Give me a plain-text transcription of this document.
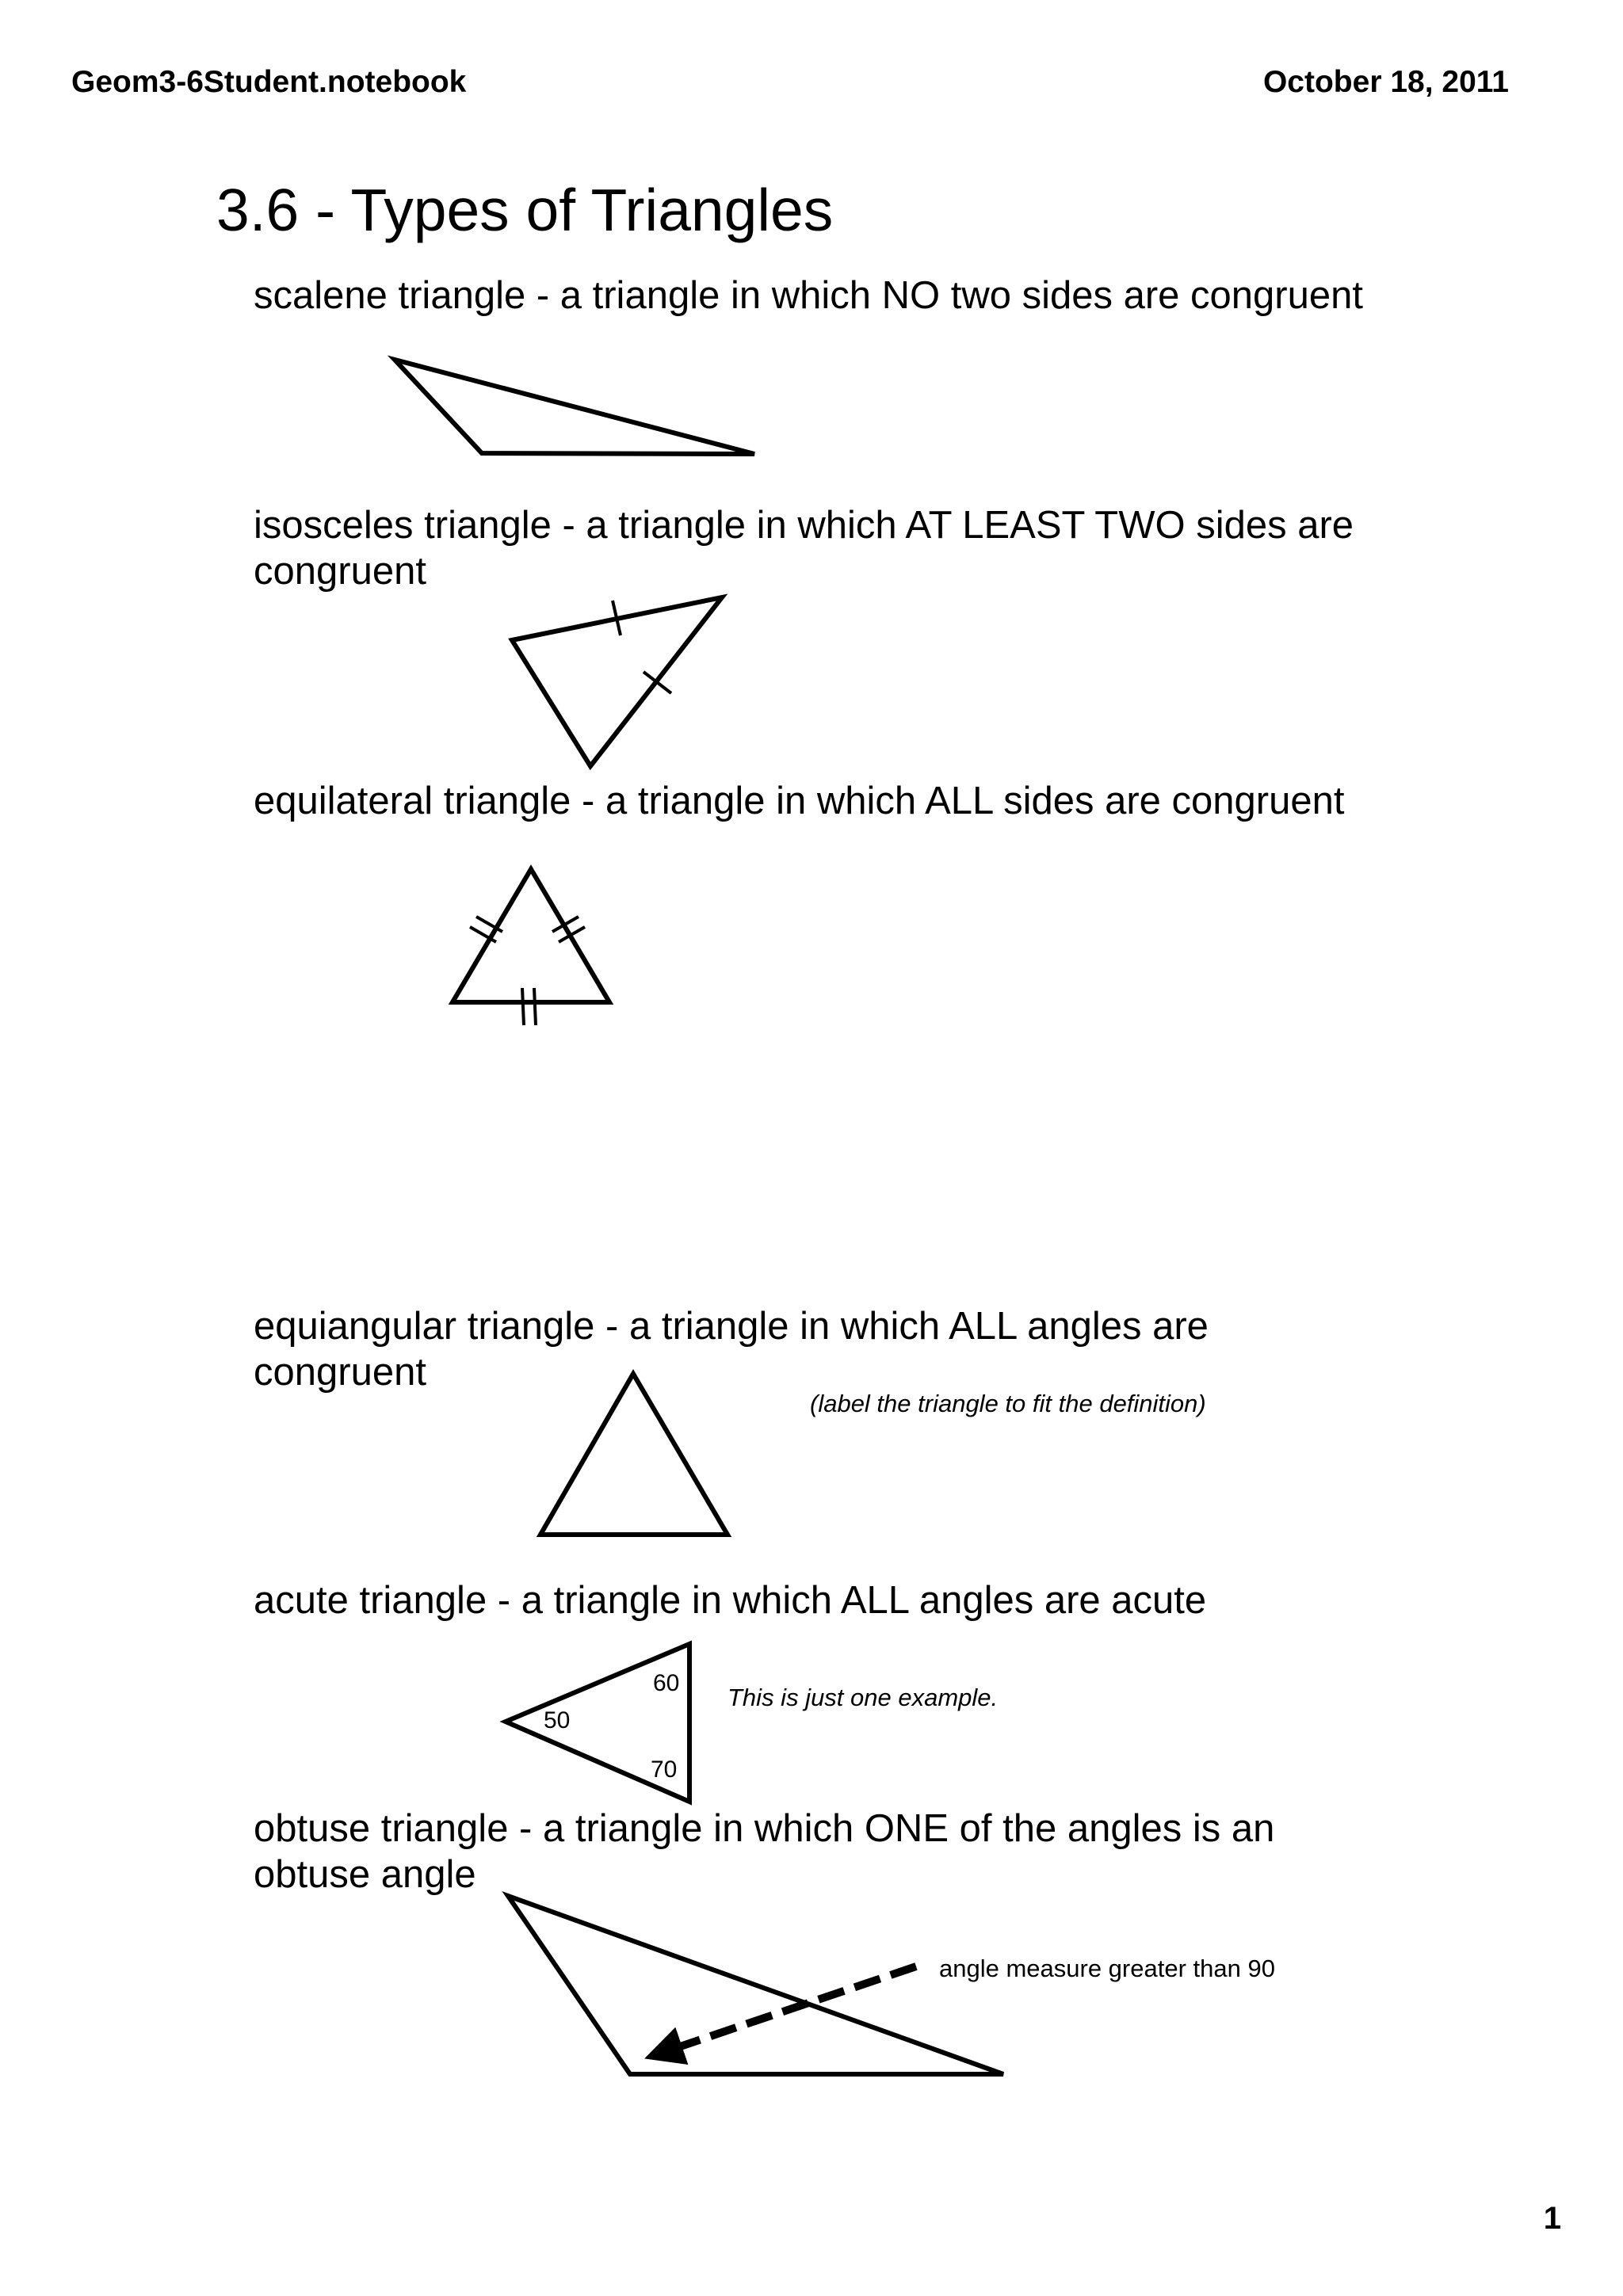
Geom3-6Student.notebook	October 18, 2011
3.6 - Types of Triangles

scalene triangle - a triangle in which NO two sides are congruent

isosceles triangle - a triangle in which AT LEAST TWO sides are congruent

equilateral triangle - a triangle in which ALL sides are congruent

equiangular triangle - a triangle in which ALL angles are congruent

acute triangle - a triangle in which ALL angles are acute

obtuse triangle - a triangle in which ONE of the angles is an obtuse angle

(label the triangle to fit the definition)
This is just one example.
angle measure greater than 90
1
50
60
70
